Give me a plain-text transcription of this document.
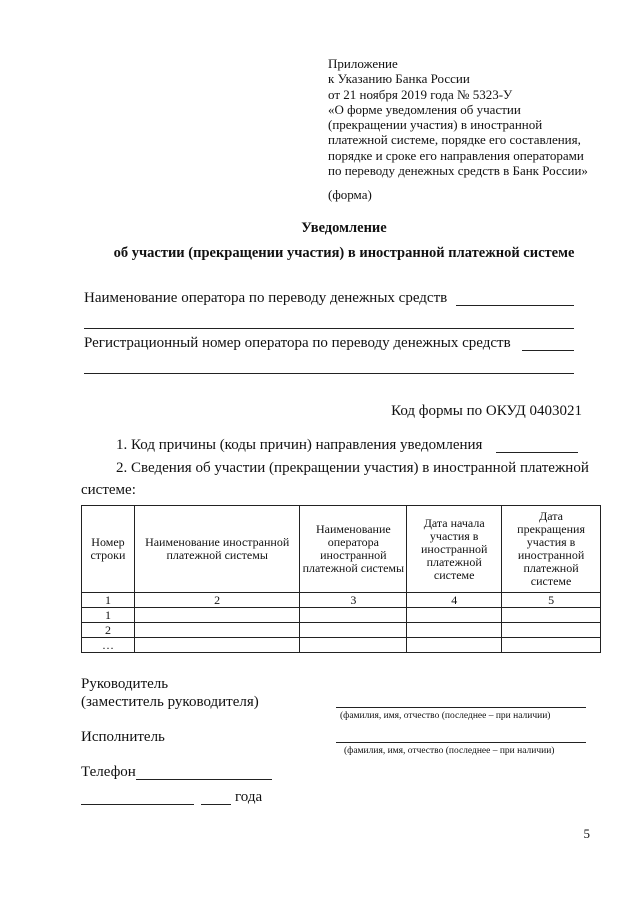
Приложение
к Указанию Банка России
от 21 ноября 2019 года № 5323-У
«О форме уведомления об участии
(прекращении участия) в иностранной
платежной системе, порядке его составления,
порядке и сроке его направления операторами
по переводу денежных средств в Банк России»
(форма)
Уведомление
об участии (прекращении участия) в иностранной платежной системе
Наименование оператора по переводу денежных средств
Регистрационный номер оператора по переводу денежных средств
Код формы по ОКУД 0403021
1. Код причины (коды причин) направления уведомления
2. Сведения об участии (прекращении участия) в иностранной платежной
системе:
Номер строки	Наименование иностранной платежной системы	Наименование оператора иностранной платежной системы	Дата начала участия в иностранной платежной системе	Дата прекращения участия в иностранной платежной системе
1	2	3	4	5
1				
2				
…				
Руководитель
(заместитель руководителя)
(фамилия, имя, отчество (последнее – при наличии)
Исполнитель
(фамилия, имя, отчество (последнее – при наличии)
Телефон
года
5
